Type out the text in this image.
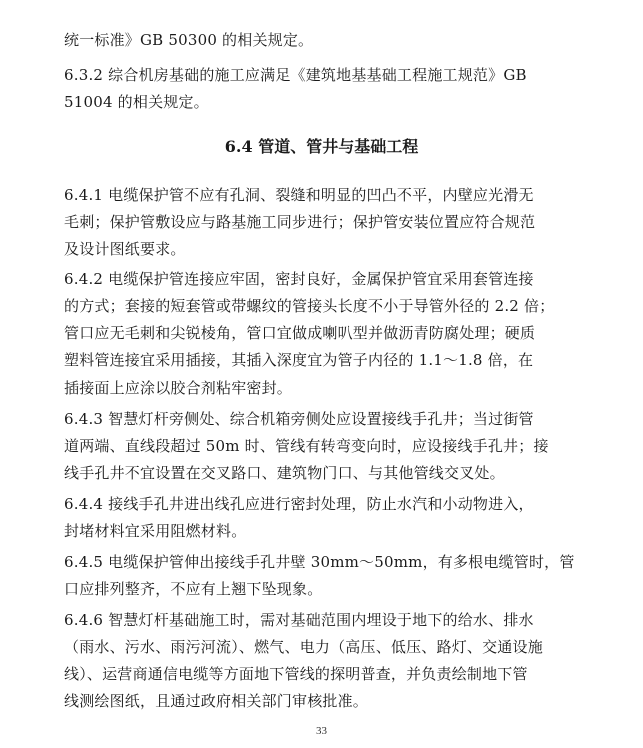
统一标准》GB 50300 的相关规定。
6.3.2 综合机房基础的施工应满足《建筑地基基础工程施工规范》GB
51004 的相关规定。
6.4 管道、管井与基础工程
6.4.1 电缆保护管不应有孔洞、裂缝和明显的凹凸不平，内壁应光滑无
毛刺；保护管敷设应与路基施工同步进行；保护管安装位置应符合规范
及设计图纸要求。
6.4.2 电缆保护管连接应牢固，密封良好，金属保护管宜采用套管连接
的方式；套接的短套管或带螺纹的管接头长度不小于导管外径的 2.2 倍；
管口应无毛刺和尖锐棱角，管口宜做成喇叭型并做沥青防腐处理；硬质
塑料管连接宜采用插接，其插入深度宜为管子内径的 1.1～1.8 倍，在
插接面上应涂以胶合剂粘牢密封。
6.4.3 智慧灯杆旁侧处、综合机箱旁侧处应设置接线手孔井；当过街管
道两端、直线段超过 50m 时、管线有转弯变向时，应设接线手孔井；接
线手孔井不宜设置在交叉路口、建筑物门口、与其他管线交叉处。
6.4.4 接线手孔井进出线孔应进行密封处理，防止水汽和小动物进入，
封堵材料宜采用阻燃材料。
6.4.5 电缆保护管伸出接线手孔井壁 30mm～50mm，有多根电缆管时，管
口应排列整齐，不应有上翘下坠现象。
6.4.6 智慧灯杆基础施工时，需对基础范围内埋设于地下的给水、排水
（雨水、污水、雨污河流）、燃气、电力（高压、低压、路灯、交通设施
线）、运营商通信电缆等方面地下管线的探明普查，并负责绘制地下管
线测绘图纸，且通过政府相关部门审核批准。
33
